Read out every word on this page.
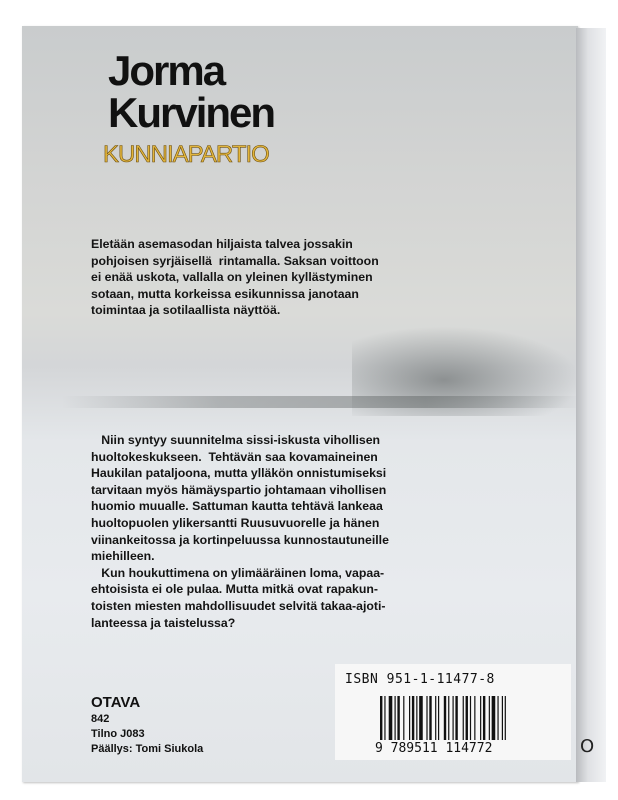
Jorma
Kurvinen
KUNNIAPARTIO
Eletään asemasodan hiljaista talvea jossakin
pohjoisen syrjäisellä  rintamalla. Saksan voittoon
ei enää uskota, vallalla on yleinen kyllästyminen
sotaan, mutta korkeissa esikunnissa janotaan
toimintaa ja sotilaallista näyttöä.
Niin syntyy suunnitelma sissi-iskusta vihollisen
huoltokeskukseen.  Tehtävän saa kovamaineinen
Haukilan pataljoona, mutta ylläkön onnistumiseksi
tarvitaan myös hämäyspartio johtamaan vihollisen
huomio muualle. Sattuman kautta tehtävä lankeaa
huoltopuolen ylikersantti Ruusuvuorelle ja hänen
viinankeitossa ja kortinpeluussa kunnostautuneille
miehilleen.
Kun houkuttimena on ylimääräinen loma, vapaa-
ehtoisista ei ole pulaa. Mutta mitkä ovat rapakun-
toisten miesten mahdollisuudet selvitä takaa-ajoti-
lanteessa ja taistelussa?
OTAVA
842
Tilno J083
Päällys: Tomi Siukola
ISBN 951-1-11477-8
9 789511 114772	O
